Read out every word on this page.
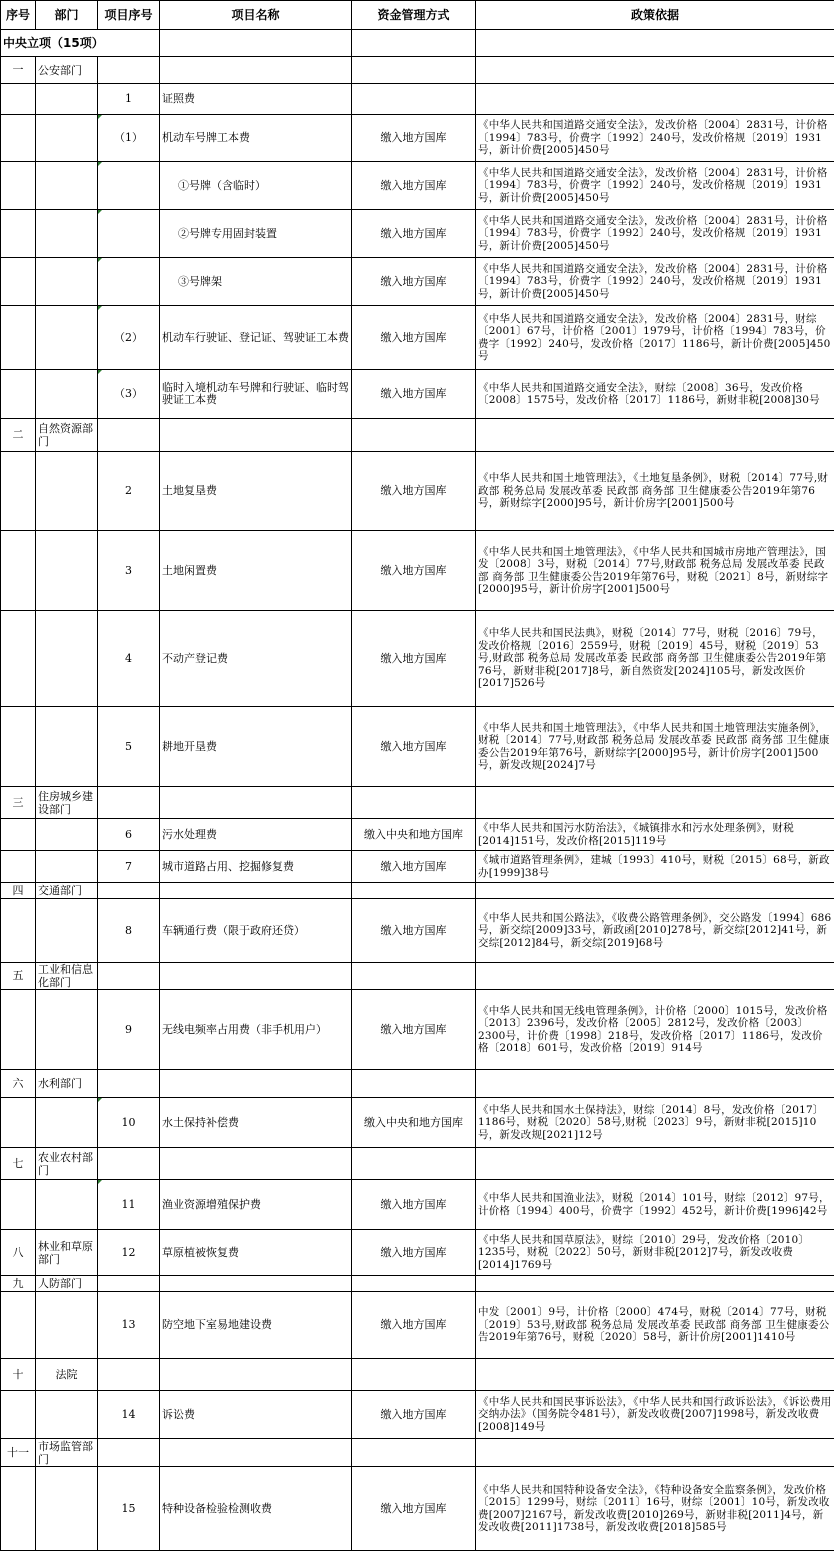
序号	部门	项目序号	项目名称	资金管理方式	政策依据
中央立项（15项）					
一	公安部门				
		1	证照费		
		（1）	机动车号牌工本费	缴入地方国库	《中华人民共和国道路交通安全法》，发改价格〔2004〕2831号，计价格〔1994〕783号，价费字〔1992〕240号，发改价格规〔2019〕1931号，新计价费[2005]450号
			①号牌（含临时）	缴入地方国库	《中华人民共和国道路交通安全法》，发改价格〔2004〕2831号，计价格〔1994〕783号，价费字〔1992〕240号，发改价格规〔2019〕1931号，新计价费[2005]450号
			②号牌专用固封装置	缴入地方国库	《中华人民共和国道路交通安全法》，发改价格〔2004〕2831号，计价格〔1994〕783号，价费字〔1992〕240号，发改价格规〔2019〕1931号，新计价费[2005]450号
			③号牌架	缴入地方国库	《中华人民共和国道路交通安全法》，发改价格〔2004〕2831号，计价格〔1994〕783号，价费字〔1992〕240号，发改价格规〔2019〕1931号，新计价费[2005]450号
		（2）	机动车行驶证、登记证、驾驶证工本费	缴入地方国库	《中华人民共和国道路交通安全法》，发改价格〔2004〕2831号，财综〔2001〕67号，计价格〔2001〕1979号，计价格〔1994〕783号，价费字〔1992〕240号，发改价格〔2017〕1186号，新计价费[2005]450号
		（3）	临时入境机动车号牌和行驶证、临时驾驶证工本费	缴入地方国库	《中华人民共和国道路交通安全法》，财综〔2008〕36号，发改价格〔2008〕1575号，发改价格〔2017〕1186号，新财非税[2008]30号
二	自然资源部门				
		2	土地复垦费	缴入地方国库	《中华人民共和国土地管理法》，《土地复垦条例》，财税〔2014〕77号,财政部 税务总局 发展改革委 民政部 商务部 卫生健康委公告2019年第76号，新财综字[2000]95号，新计价房字[2001]500号
		3	土地闲置费	缴入地方国库	《中华人民共和国土地管理法》，《中华人民共和国城市房地产管理法》，国发〔2008〕3号，财税〔2014〕77号,财政部 税务总局 发展改革委 民政部 商务部 卫生健康委公告2019年第76号，财税〔2021〕8号，新财综字[2000]95号，新计价房字[2001]500号
		4	不动产登记费	缴入地方国库	《中华人民共和国民法典》，财税〔2014〕77号，财税〔2016〕79号，发改价格规〔2016〕2559号，财税〔2019〕45号，财税〔2019〕53号,财政部 税务总局 发展改革委 民政部 商务部 卫生健康委公告2019年第76号，新财非税[2017]8号，新自然资发[2024]105号，新发改医价[2017]526号
		5	耕地开垦费	缴入地方国库	《中华人民共和国土地管理法》，《中华人民共和国土地管理法实施条例》，财税〔2014〕77号,财政部 税务总局 发展改革委 民政部 商务部 卫生健康委公告2019年第76号，新财综字[2000]95号，新计价房字[2001]500号，新发改规[2024]7号
三	住房城乡建设部门				
		6	污水处理费	缴入中央和地方国库	《中华人民共和国污水防治法》，《城镇排水和污水处理条例》，财税[2014]151号，发改价格[2015]119号
		7	城市道路占用、挖掘修复费	缴入地方国库	《城市道路管理条例》，建城〔1993〕410号，财税〔2015〕68号，新政办[1999]38号
四	交通部门				
		8	车辆通行费（限于政府还贷）	缴入地方国库	《中华人民共和国公路法》，《收费公路管理条例》，交公路发〔1994〕686号，新交综[2009]33号，新政函[2010]278号，新交综[2012]41号，新交综[2012]84号，新交综[2019]68号
五	工业和信息化部门				
		9	无线电频率占用费（非手机用户）	缴入地方国库	《中华人民共和国无线电管理条例》，计价格〔2000〕1015号，发改价格〔2013〕2396号，发改价格〔2005〕2812号，发改价格〔2003〕2300号，计价费〔1998〕218号，发改价格〔2017〕1186号，发改价格〔2018〕601号，发改价格〔2019〕914号
六	水利部门				
		10	水土保持补偿费	缴入中央和地方国库	《中华人民共和国水土保持法》，财综〔2014〕8号，发改价格〔2017〕1186号，财税〔2020〕58号,财税〔2023〕9号，新财非税[2015]10号，新发改规[2021]12号
七	农业农村部门				
		11	渔业资源增殖保护费	缴入地方国库	《中华人民共和国渔业法》，财税〔2014〕101号，财综〔2012〕97号，计价格〔1994〕400号，价费字〔1992〕452号，新计价费[1996]42号
八	林业和草原部门	12	草原植被恢复费	缴入地方国库	《中华人民共和国草原法》，财综〔2010〕29号，发改价格〔2010〕1235号，财税〔2022〕50号，新财非税[2012]7号，新发改收费[2014]1769号
九	人防部门				
		13	防空地下室易地建设费	缴入地方国库	中发〔2001〕9号，计价格〔2000〕474号，财税〔2014〕77号，财税〔2019〕53号,财政部 税务总局 发展改革委 民政部 商务部 卫生健康委公告2019年第76号，财税〔2020〕58号，新计价房[2001]1410号
十	法院				
		14	诉讼费	缴入地方国库	《中华人民共和国民事诉讼法》，《中华人民共和国行政诉讼法》，《诉讼费用交纳办法》（国务院令481号），新发改收费[2007]1998号，新发改收费[2008]149号
十一	市场监管部门				
		15	特种设备检验检测收费	缴入地方国库	《中华人民共和国特种设备安全法》，《特种设备安全监察条例》，发改价格〔2015〕1299号，财综〔2011〕16号，财综〔2001〕10号，新发改收费[2007]2167号，新发改收费[2010]269号，新财非税[2011]4号，新发改收费[2011]1738号，新发改收费[2018]585号
